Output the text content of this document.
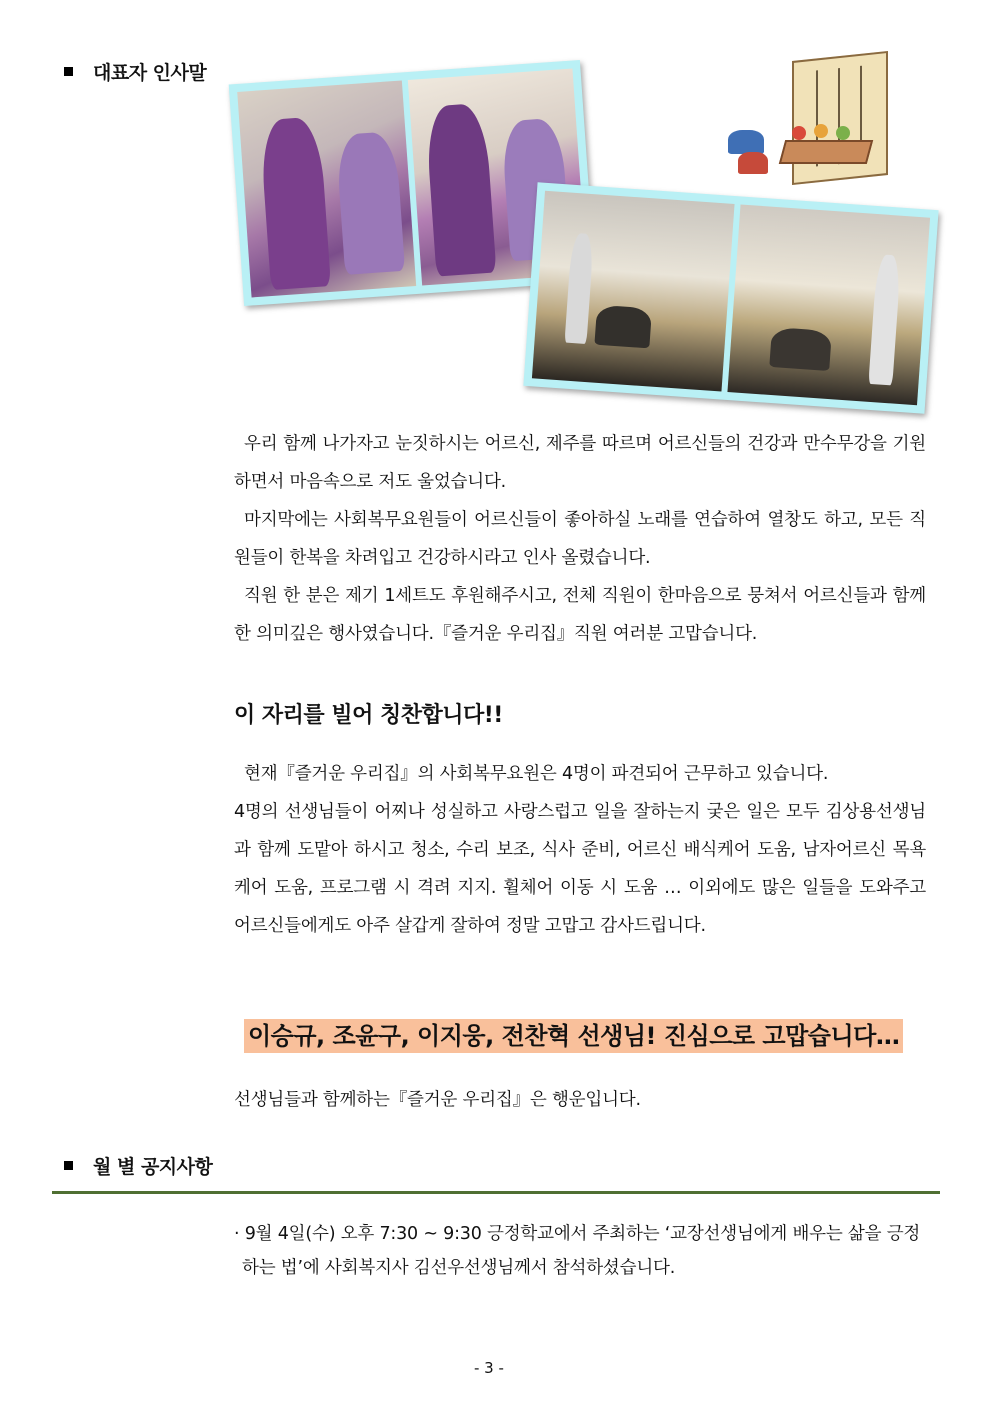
대표자 인사말

우리 함께 나가자고 눈짓하시는 어르신, 제주를 따르며 어르신들의 건강과 만수무강을 기원하면서 마음속으로 저도 울었습니다.

마지막에는 사회복무요원들이 어르신들이 좋아하실 노래를 연습하여 열창도 하고, 모든 직원들이 한복을 차려입고 건강하시라고 인사 올렸습니다.

직원 한 분은 제기 1세트도 후원해주시고, 전체 직원이 한마음으로 뭉쳐서 어르신들과 함께 한 의미깊은 행사였습니다.『즐거운 우리집』직원 여러분 고맙습니다.

이 자리를 빌어 칭찬합니다!!

현재『즐거운 우리집』의 사회복무요원은 4명이 파견되어 근무하고 있습니다.

4명의 선생님들이 어찌나 성실하고 사랑스럽고 일을 잘하는지 궂은 일은 모두 김상용선생님과 함께 도맡아 하시고 청소, 수리 보조, 식사 준비, 어르신 배식케어 도움, 남자어르신 목욕케어 도움, 프로그램 시 격려 지지. 휠체어 이동 시 도움 … 이외에도 많은 일들을 도와주고 어르신들에게도 아주 살갑게 잘하여 정말 고맙고 감사드립니다.

이승규, 조윤구, 이지웅, 전찬혁 선생님! 진심으로 고맙습니다…
선생님들과 함께하는『즐거운 우리집』은 행운입니다.
월 별 공지사항
· 9월 4일(수) 오후 7:30 ~ 9:30 긍정학교에서 주최하는 ‘교장선생님에게 배우는 삶을 긍정하는 법’에 사회복지사 김선우선생님께서 참석하셨습니다.
- 3 -
